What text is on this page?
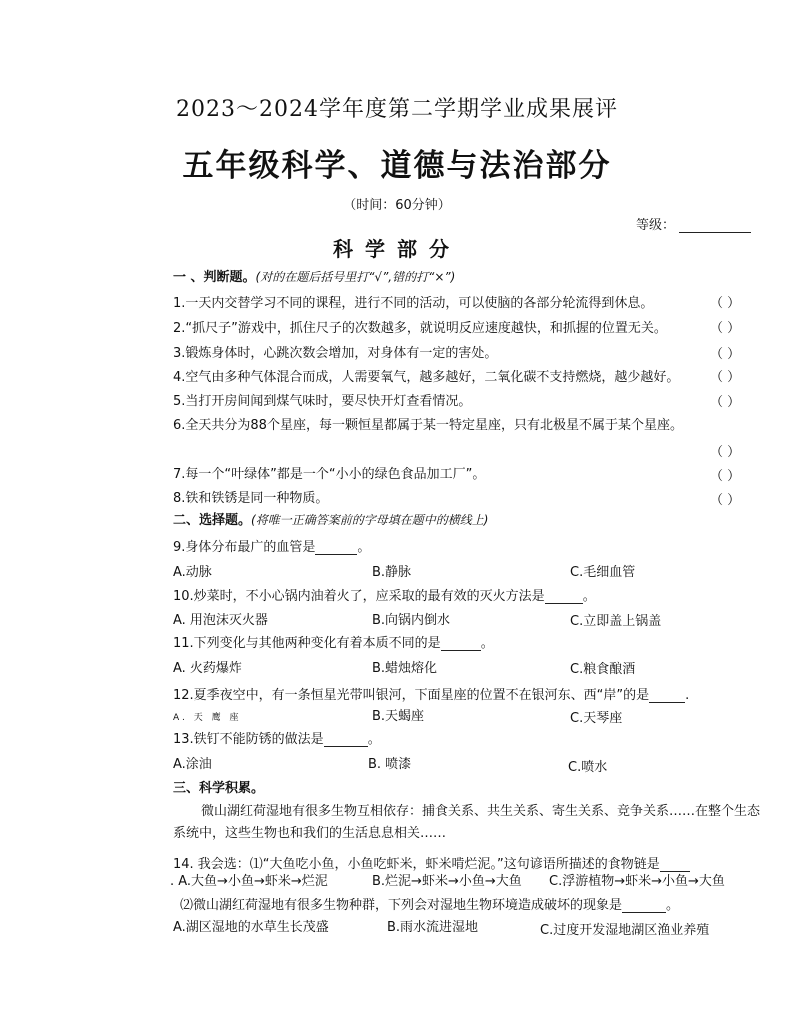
2023～2024学年度第二学期学业成果展评
五年级科学、道德与法治部分
（时间：60分钟）
等级：
科学部分
一 、判断题。(对的在题后括号里打“√”,错的打“×”)
1.一天内交替学习不同的课程，进行不同的活动，可以使脑的各部分轮流得到休息。	（ ）
2.“抓尺子”游戏中，抓住尺子的次数越多，就说明反应速度越快，和抓握的位置无关。	（ ）
3.锻炼身体时，心跳次数会增加，对身体有一定的害处。	（ ）
4.空气由多种气体混合而成，人需要氧气，越多越好，二氧化碳不支持燃烧，越少越好。 （ ）
5.当打开房间闻到煤气味时，要尽快开灯查看情况。	（ ）
6.全天共分为88个星座，每一颗恒星都属于某一特定星座，只有北极星不属于某个星座。
（ ）
7.每一个“叶绿体”都是一个“小小的绿色食品加工厂”。	（ ）
8.铁和铁锈是同一种物质。	（ ）
二、选择题。(将唯一正确答案前的字母填在题中的横线上)
9.身体分布最广的血管是	。
A.动脉	B.静脉	C.毛细血管
10.炒菜时，不小心锅内油着火了，应采取的最有效的灭火方法是	。
A. 用泡沫灭火器	B.向锅内倒水	C.立即盖上锅盖
11.下列变化与其他两种变化有着本质不同的是	。
A. 火药爆炸	B.蜡烛熔化	C.粮食酿酒
12.夏季夜空中，有一条恒星光带叫银河，下面星座的位置不在银河东、西“岸”的是	.
A. 天 鹰 座	B.天蝎座	C.天琴座
13.铁钉不能防锈的做法是	。
A.涂油	B. 喷漆	C.喷水
三、科学积累。
微山湖红荷湿地有很多生物互相依存：捕食关系、共生关系、寄生关系、竞争关系……在整个生态系统中，这些生物也和我们的生活息息相关……
14. 我会选：⑴“大鱼吃小鱼，小鱼吃虾米，虾米啃烂泥。”这句谚语所描述的食物链是
. A.大鱼→小鱼→虾米→烂泥	B.烂泥→虾米→小鱼→大鱼 C.浮游植物→虾米→小鱼→大鱼
⑵微山湖红荷湿地有很多生物种群，下列会对湿地生物环境造成破坏的现象是	。
A.湖区湿地的水草生长茂盛	B.雨水流进湿地	C.过度开发湿地湖区渔业养殖
